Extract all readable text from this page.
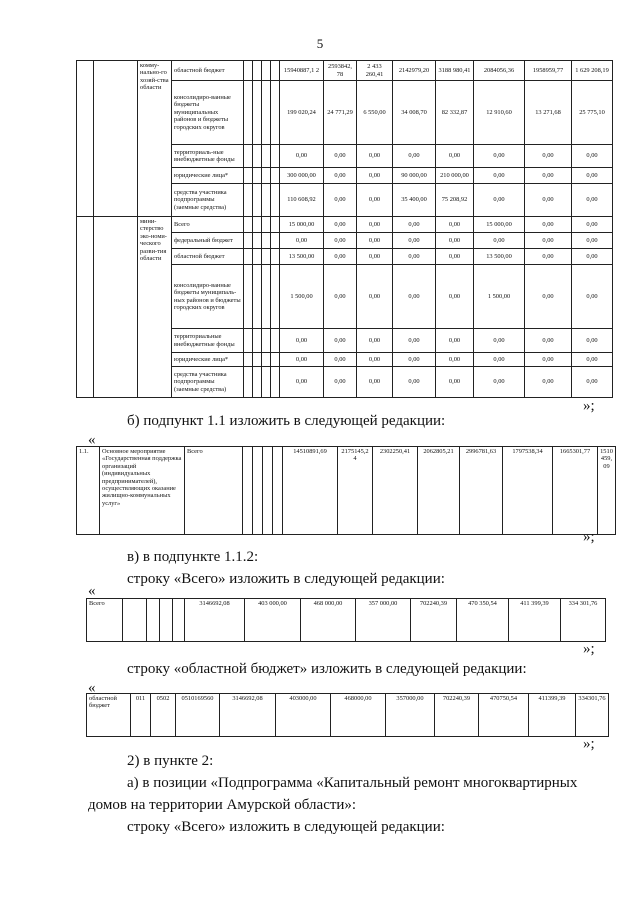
5
		комму-нально-го хозяй-ства области	областной бюджет					15940887,1 2	2593842, 78	2 433 260,41	2142979,20	3188 980,41	2084056,36	1958959,77	1 629 208,19
			консолидиро-ванные бюджеты муниципальных районов и бюджеты городских округов					199 020,24	24 771,29	6 550,00	34 008,70	82 332,87	12 910,60	13 271,68	25 775,10
			территориаль-ные внебюджетные фонды					0,00	0,00	0,00	0,00	0,00	0,00	0,00	0,00
			юридические лица*					300 000,00	0,00	0,00	90 000,00	210 000,00	0,00	0,00	0,00
			средства участника подпрограммы (заемные средства)					110 608,92	0,00	0,00	35 400,00	75 208,92	0,00	0,00	0,00
		мини-стерство эко-номи-ческого разви-тия области	Всего					15 000,00	0,00	0,00	0,00	0,00	15 000,00	0,00	0,00
			федеральный бюджет					0,00	0,00	0,00	0,00	0,00	0,00	0,00	0,00
			областной бюджет					13 500,00	0,00	0,00	0,00	0,00	13 500,00	0,00	0,00
			консолидиро-ванные бюджеты муниципаль-ных районов и бюджеты городских округов					1 500,00	0,00	0,00	0,00	0,00	1 500,00	0,00	0,00
			территориальные внебюджетные фонды					0,00	0,00	0,00	0,00	0,00	0,00	0,00	0,00
			юридические лица*					0,00	0,00	0,00	0,00	0,00	0,00	0,00	0,00
			средства участника подпрограммы (заемные средства)					0,00	0,00	0,00	0,00	0,00	0,00	0,00	0,00
»;
б) подпункт 1.1 изложить в следующей редакции:
«
1.1.	Основное мероприятие «Государственная поддержка организаций (индивидуальных предпринимателей), осуществляющих оказание жилищно-коммунальных услуг»	Всего					14510891,69	2175145,24	2302250,41	2062805,21	2996781,63	1797538,34	1665301,77	1510459,09
»;
в) в подпункте 1.1.2:
строку «Всего» изложить в следующей редакции:
«
Всего					3146692,08	403 000,00	468 000,00	357 000,00	702240,39	470 350,54	411 399,39	334 301,76
»;
строку «областной бюджет» изложить в следующей редакции:
«
областной бюджет	011	0502	0510169560	3146692,08	403000,00	468000,00	357000,00	702240,39	470750,54	411399,39	334301,76
»;
2) в пункте 2:
а) в позиции «Подпрограмма «Капитальный ремонт многоквартирных
домов на территории Амурской области»:
строку «Всего» изложить в следующей редакции:
